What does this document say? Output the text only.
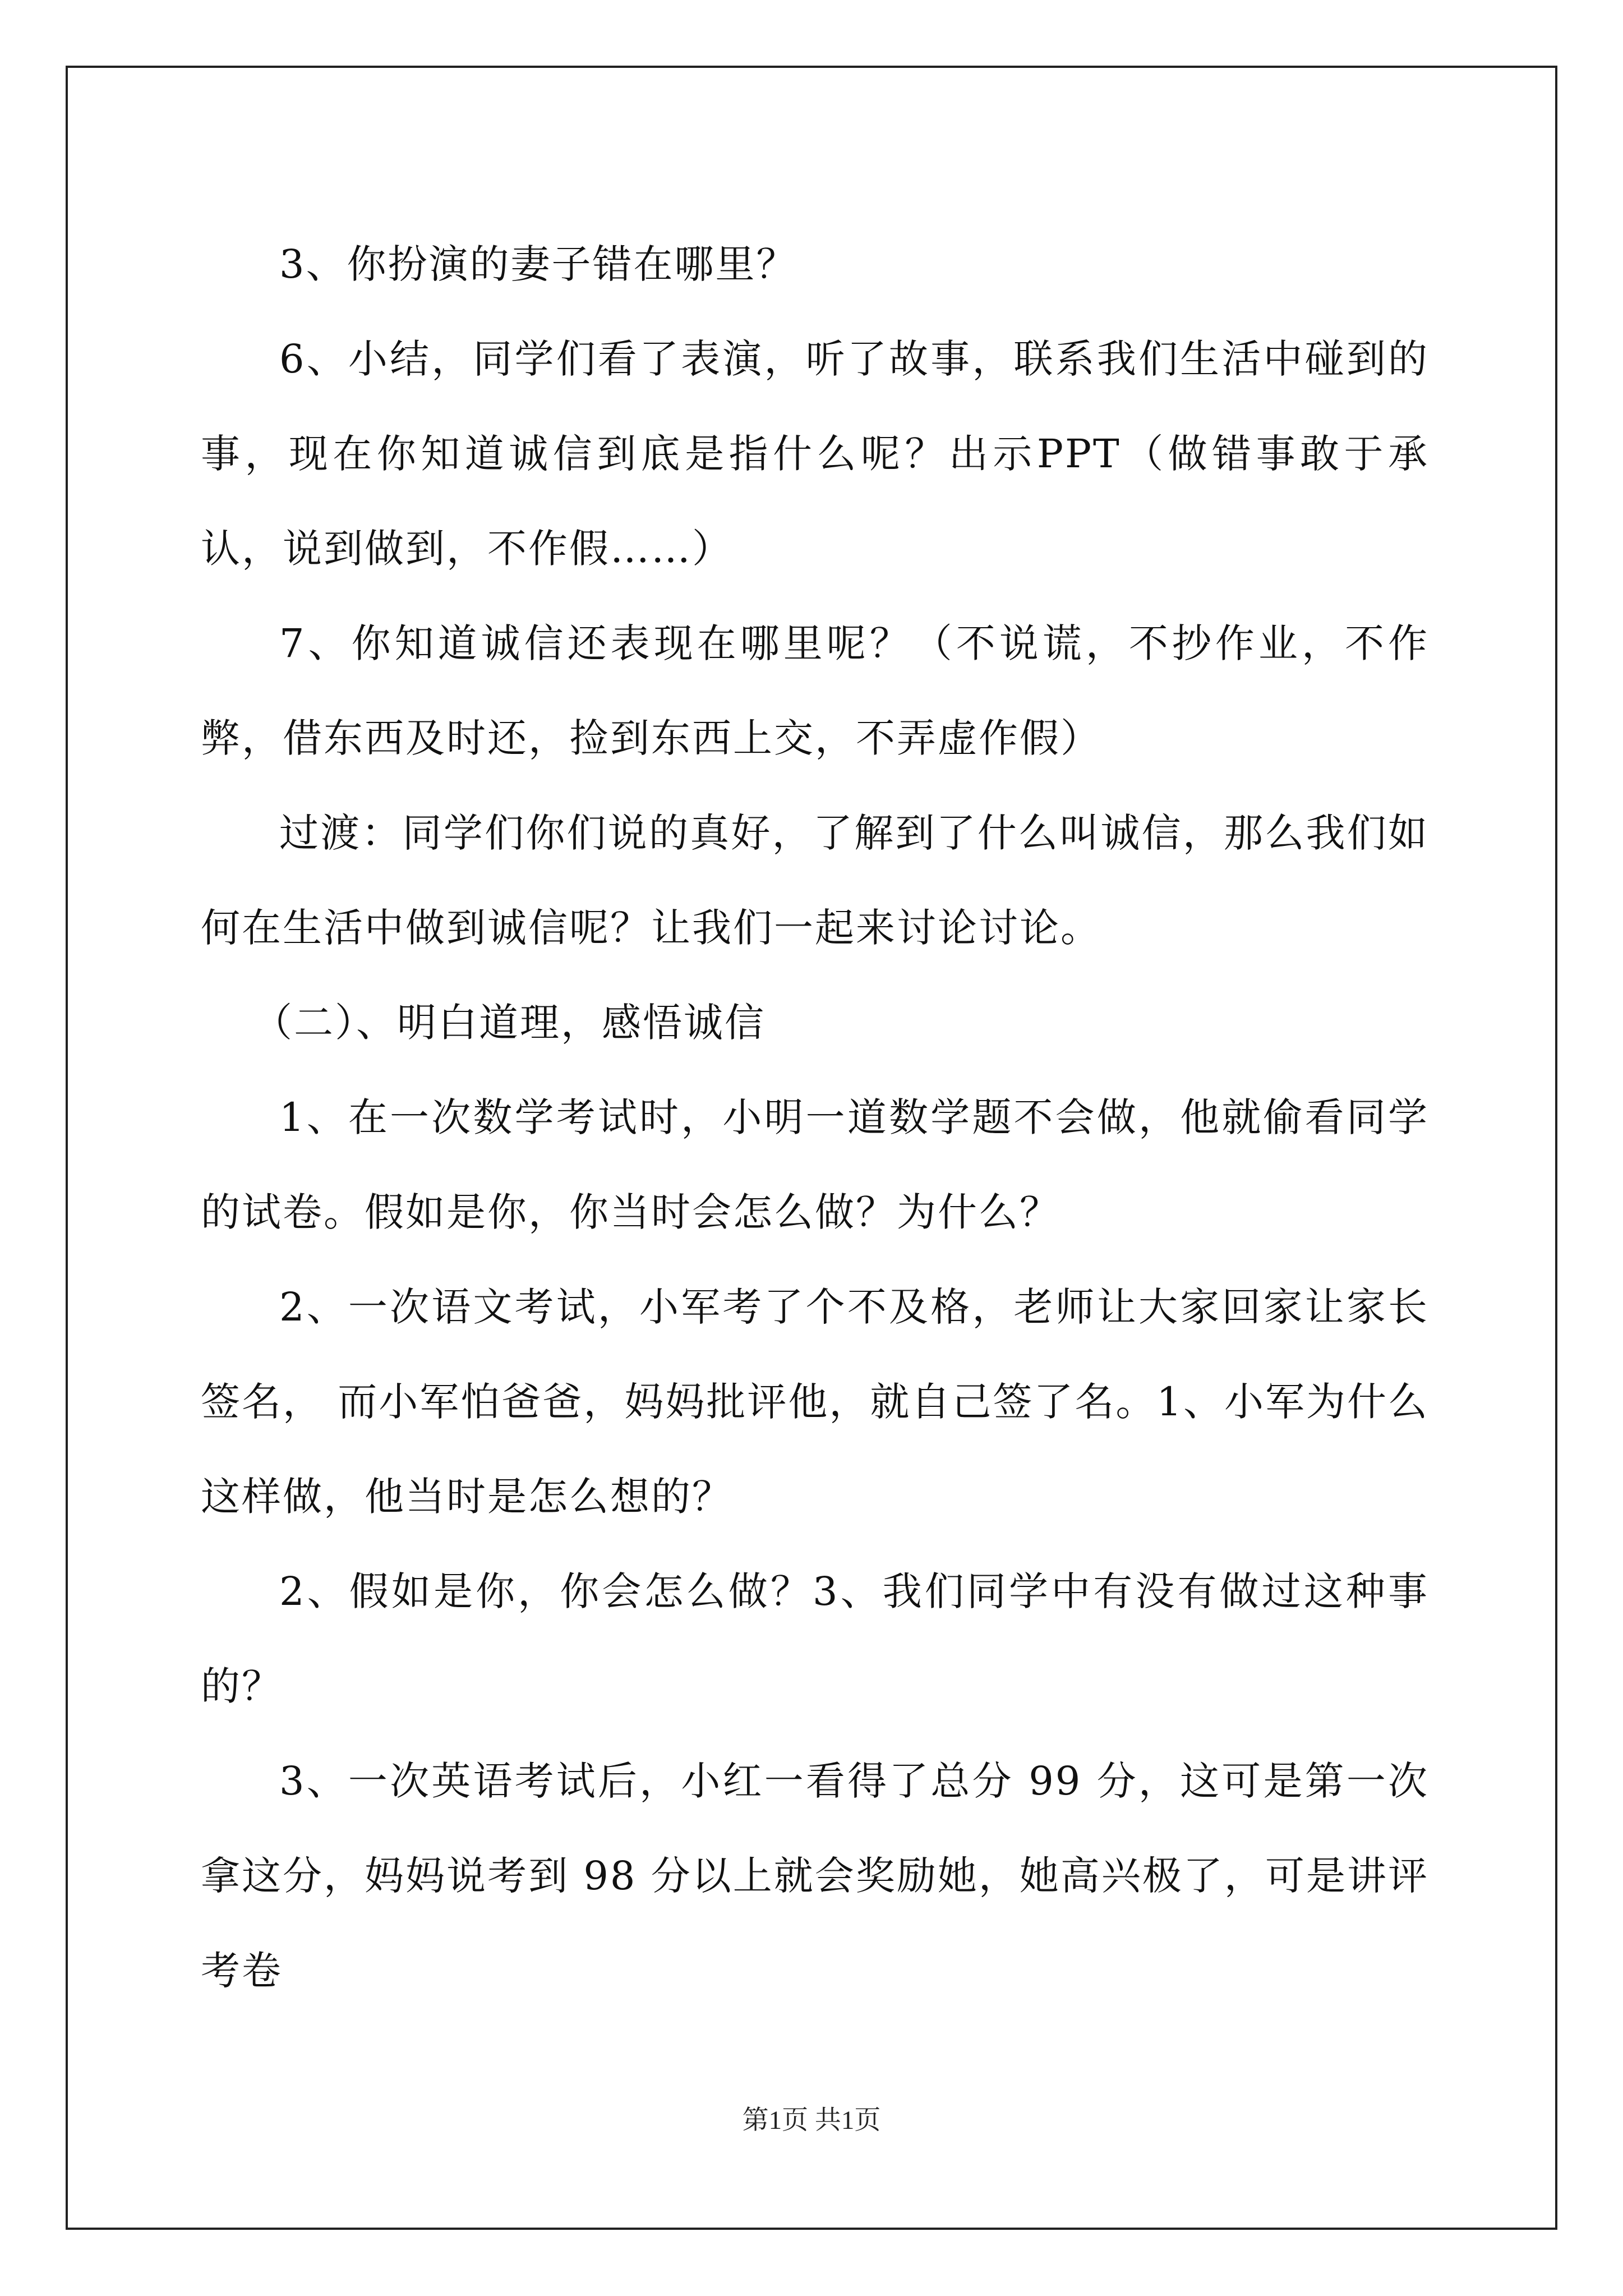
3、你扮演的妻子错在哪里？

6、小结，同学们看了表演，听了故事，联系我们生活中碰到的事，现在你知道诚信到底是指什么呢？出示PPT（做错事敢于承认，说到做到，不作假……）

7、你知道诚信还表现在哪里呢？（不说谎，不抄作业，不作弊，借东西及时还，捡到东西上交，不弄虚作假）

过渡：同学们你们说的真好，了解到了什么叫诚信，那么我们如何在生活中做到诚信呢？让我们一起来讨论讨论。

（二）、明白道理，感悟诚信

1、在一次数学考试时，小明一道数学题不会做，他就偷看同学的试卷。假如是你，你当时会怎么做？为什么？

2、一次语文考试，小军考了个不及格，老师让大家回家让家长签名， 而小军怕爸爸，妈妈批评他，就自己签了名。1、小军为什么这样做，他当时是怎么想的？

2、假如是你，你会怎么做？3、我们同学中有没有做过这种事的？

3、一次英语考试后，小红一看得了总分 99 分，这可是第一次拿这分，妈妈说考到 98 分以上就会奖励她，她高兴极了，可是讲评考卷

第1页 共1页
